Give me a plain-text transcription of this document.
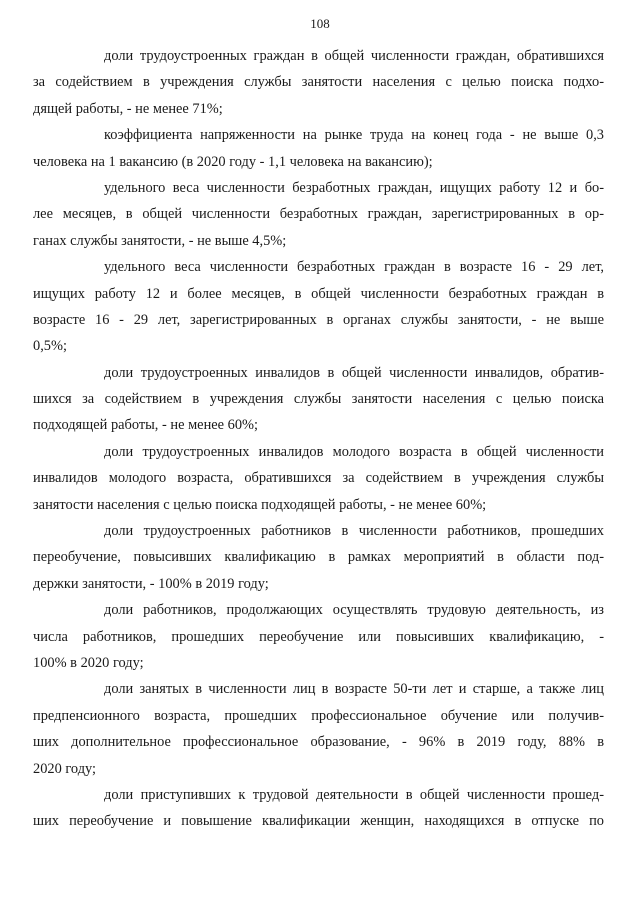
108
доли трудоустроенных граждан в общей численности граждан, обратившихся
за содействием в учреждения службы занятости населения с целью поиска подхо-
дящей работы, - не менее 71%;
коэффициента напряженности на рынке труда на конец года - не выше 0,3
человека на 1 вакансию (в 2020 году - 1,1 человека на вакансию);
удельного веса численности безработных граждан, ищущих работу 12 и бо-
лее месяцев, в общей численности безработных граждан, зарегистрированных в ор-
ганах службы занятости, - не выше 4,5%;
удельного веса численности безработных граждан в возрасте 16 - 29 лет,
ищущих работу 12 и более месяцев, в общей численности безработных граждан в
возрасте 16 - 29 лет, зарегистрированных в органах службы занятости, - не выше
0,5%;
доли трудоустроенных инвалидов в общей численности инвалидов, обратив-
шихся за содействием в учреждения службы занятости населения с целью поиска
подходящей работы, - не менее 60%;
доли трудоустроенных инвалидов молодого возраста в общей численности
инвалидов молодого возраста, обратившихся за содействием в учреждения службы
занятости населения с целью поиска подходящей работы, - не менее 60%;
доли трудоустроенных работников в численности работников, прошедших
переобучение, повысивших квалификацию в рамках мероприятий в области под-
держки занятости, - 100% в 2019 году;
доли работников, продолжающих осуществлять трудовую деятельность, из
числа работников, прошедших переобучение или повысивших квалификацию, -
100% в 2020 году;
доли занятых в численности лиц в возрасте 50-ти лет и старше, а также лиц
предпенсионного возраста, прошедших профессиональное обучение или получив-
ших дополнительное профессиональное образование, - 96% в 2019 году, 88% в
2020 году;
доли приступивших к трудовой деятельности в общей численности прошед-
ших переобучение и повышение квалификации женщин, находящихся в отпуске по
